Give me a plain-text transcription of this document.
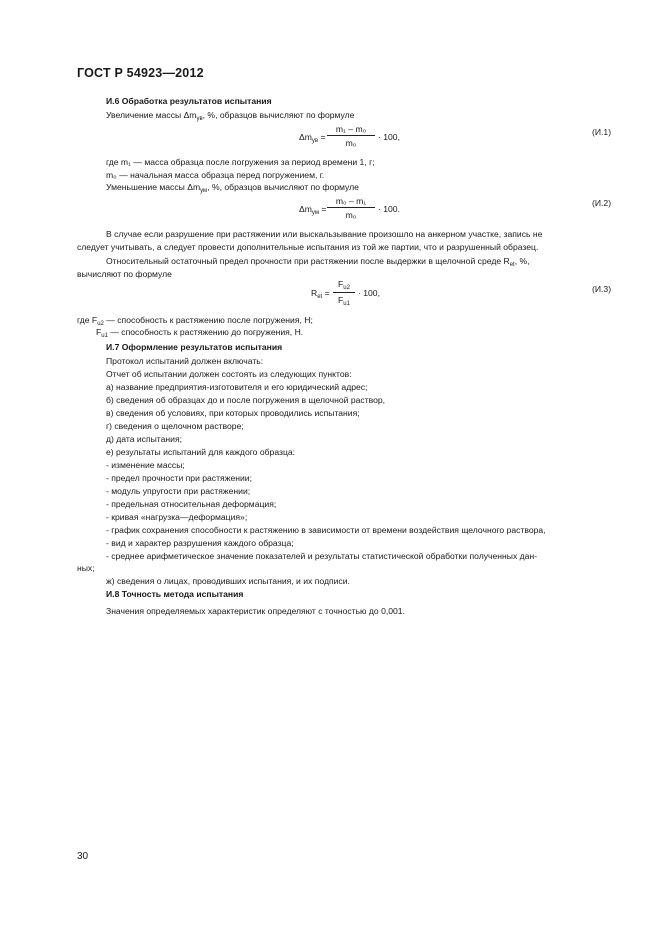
ГОСТ Р 54923—2012
И.6 Обработка результатов испытания
Увеличение массы $\Delta m_{ув}$, %, образцов вычисляют по формуле
$\Delta m_{ув} = \frac{\text{m₁ – m₀}}{\text{m₀}} \cdot 100$,	(И.1)
где m₁ — масса образца после погружения за период времени 1, г;
m₀ — начальная масса образца перед погружением, г.
Уменьшение массы $\Delta m_{ум}$, %, образцов вычисляют по формуле
$\Delta m_{ум} = \frac{\text{m₀ – m₁}}{\text{m₀}} \cdot 100$.
(И.2)
В случае если разрушение при растяжении или выскальзывание произошло на анкерном участке, запись не
следует учитывать, а следует провести дополнительные испытания из той же партии, что и разрушенный образец.
Относительный остаточный предел прочности при растяжении после выдержки в щелочной среде $R_{et}$, %,
вычисляют по формуле
$R_{et} = \frac{F_{u2}}{F_{u1}} \cdot 100$,	(И.3)
где $F_{u2}$ — способность к растяжению после погружения, Н;
$F_{u1}$ — способность к растяжению до погружения, Н.
И.7 Оформление результатов испытания
Протокол испытаний должен включать:
Отчет об испытании должен состоять из следующих пунктов:
а) название предприятия-изготовителя и его юридический адрес;
б) сведения об образцах до и после погружения в щелочной раствор,
в) сведения об условиях, при которых проводились испытания;
г) сведения о щелочном растворе;
д) дата испытания;
е) результаты испытаний для каждого образца:
- изменение массы;
- предел прочности при растяжении;
- модуль упругости при растяжении;
- предельная относительная деформация;
- кривая «нагрузка—деформация»;
- график сохранения способности к растяжению в зависимости от времени воздействия щелочного раствора,
- вид и характер разрушения каждого образца;
- среднее арифметическое значение показателей и результаты статистической обработки полученных дан-
ных;
ж) сведения о лицах, проводивших испытания, и их подписи.
И.8 Точность метода испытания
Значения определяемых характеристик определяют с точностью до 0,001.
30
